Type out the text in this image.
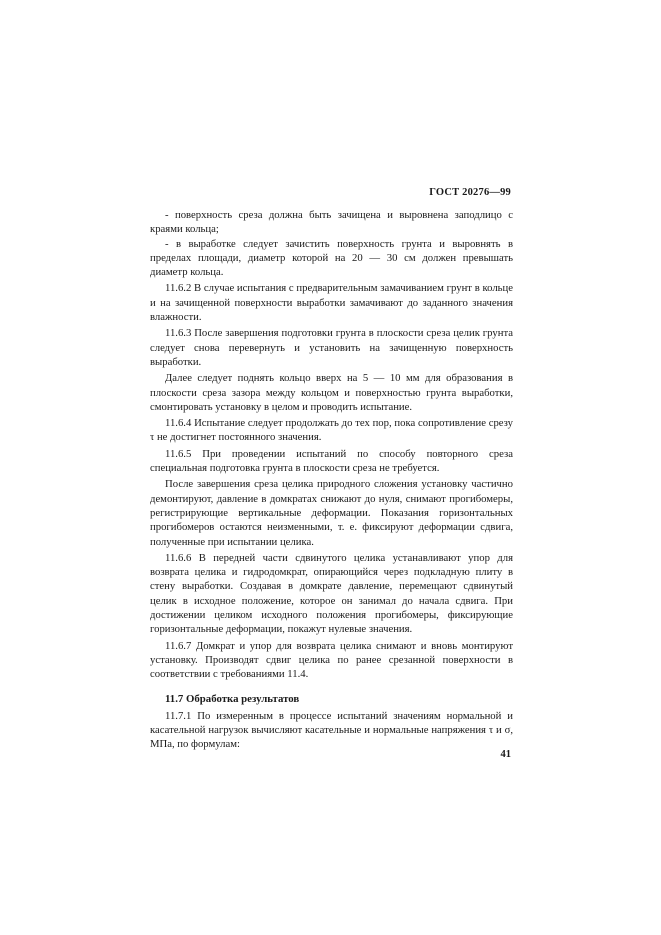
ГОСТ 20276—99

- поверхность среза должна быть зачищена и выровнена заподлицо с краями кольца;

- в выработке следует зачистить поверхность грунта и выровнять в пределах площади, диаметр которой на 20 — 30 см должен превышать диаметр кольца.

11.6.2 В случае испытания с предварительным замачиванием грунт в кольце и на зачищенной поверхности выработки замачивают до заданного значения влажности.

11.6.3 После завершения подготовки грунта в плоскости среза целик грунта следует снова перевернуть и установить на зачищенную поверхность выработки.

Далее следует поднять кольцо вверх на 5 — 10 мм для образования в плоскости среза зазора между кольцом и поверхностью грунта выработки, смонтировать установку в целом и проводить испытание.

11.6.4 Испытание следует продолжать до тех пор, пока сопротивление срезу τ не достигнет постоянного значения.

11.6.5 При проведении испытаний по способу повторного среза специальная подготовка грунта в плоскости среза не требуется.

После завершения среза целика природного сложения установку частично демонтируют, давление в домкратах снижают до нуля, снимают прогибомеры, регистрирующие вертикальные деформации. Показания горизонтальных прогибомеров остаются неизменными, т. е. фиксируют деформации сдвига, полученные при испытании целика.

11.6.6 В передней части сдвинутого целика устанавливают упор для возврата целика и гидродомкрат, опирающийся через подкладную плиту в стену выработки. Создавая в домкрате давление, перемещают сдвинутый целик в исходное положение, которое он занимал до начала сдвига. При достижении целиком исходного положения прогибомеры, фиксирующие горизонтальные деформации, покажут нулевые значения.

11.6.7 Домкрат и упор для возврата целика снимают и вновь монтируют установку. Производят сдвиг целика по ранее срезанной поверхности в соответствии с требованиями 11.4.

11.7 Обработка результатов

11.7.1 По измеренным в процессе испытаний значениям нормальной и касательной нагрузок вычисляют касательные и нормальные напряжения τ и σ, МПа, по формулам:

41
